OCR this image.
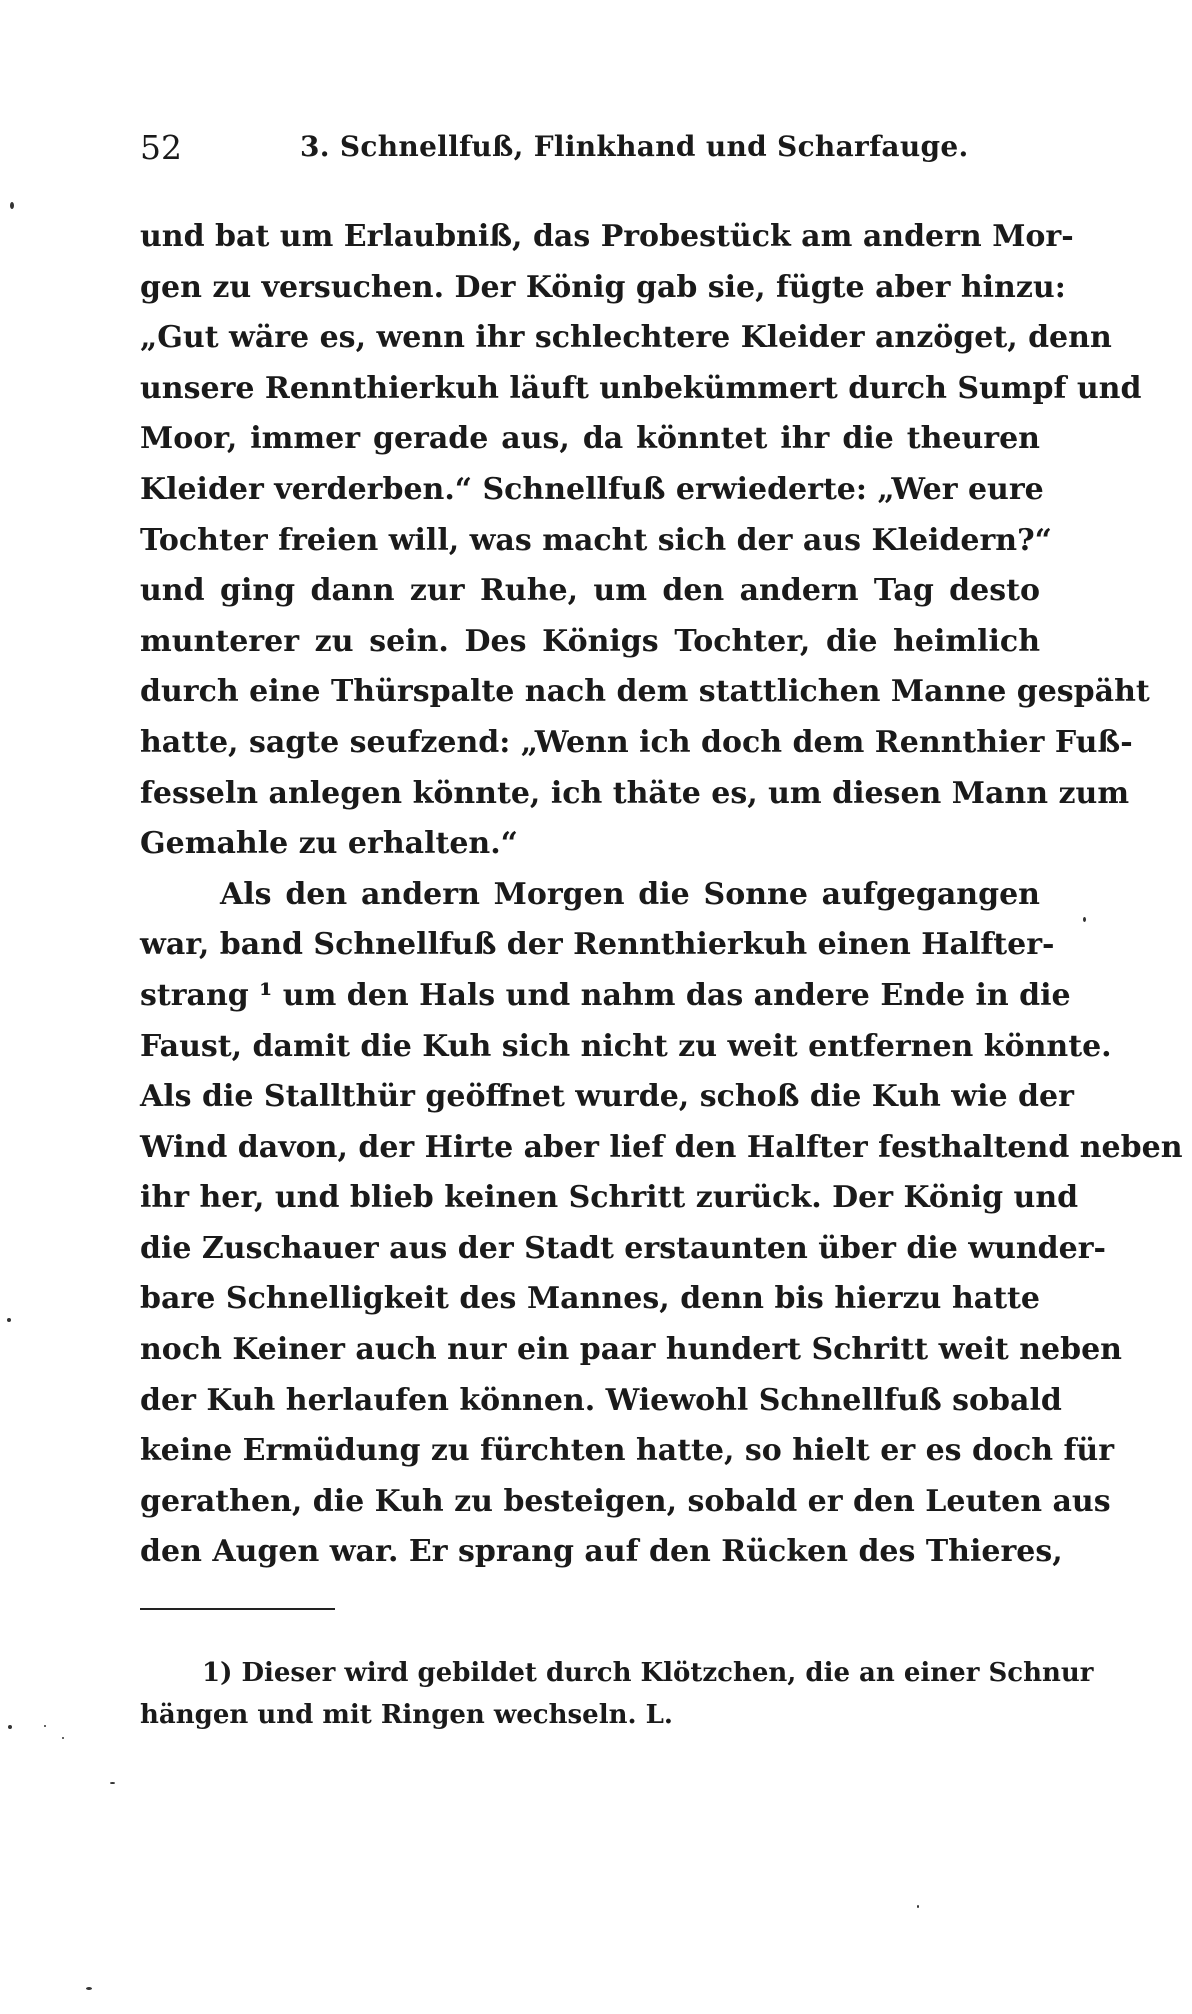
52	3. Schnellfuß, Flinkhand und Scharfauge.
und bat um Erlaubniß, das Probestück am andern Mor-
gen zu versuchen. Der König gab sie, fügte aber hinzu:
„Gut wäre es, wenn ihr schlechtere Kleider anzöget, denn
unsere Rennthierkuh läuft unbekümmert durch Sumpf und
Moor, immer gerade aus, da könntet ihr die theuren
Kleider verderben.“ Schnellfuß erwiederte: „Wer eure
Tochter freien will, was macht sich der aus Kleidern?“
und ging dann zur Ruhe, um den andern Tag desto
munterer zu sein. Des Königs Tochter, die heimlich
durch eine Thürspalte nach dem stattlichen Manne gespäht
hatte, sagte seufzend: „Wenn ich doch dem Rennthier Fuß-
fesseln anlegen könnte, ich thäte es, um diesen Mann zum
Gemahle zu erhalten.“
Als den andern Morgen die Sonne aufgegangen
war, band Schnellfuß der Rennthierkuh einen Halfter-
strang ¹ um den Hals und nahm das andere Ende in die
Faust, damit die Kuh sich nicht zu weit entfernen könnte.
Als die Stallthür geöffnet wurde, schoß die Kuh wie der
Wind davon, der Hirte aber lief den Halfter festhaltend neben
ihr her, und blieb keinen Schritt zurück. Der König und
die Zuschauer aus der Stadt erstaunten über die wunder-
bare Schnelligkeit des Mannes, denn bis hierzu hatte
noch Keiner auch nur ein paar hundert Schritt weit neben
der Kuh herlaufen können. Wiewohl Schnellfuß sobald
keine Ermüdung zu fürchten hatte, so hielt er es doch für
gerathen, die Kuh zu besteigen, sobald er den Leuten aus
den Augen war. Er sprang auf den Rücken des Thieres,
1) Dieser wird gebildet durch Klötzchen, die an einer Schnur
hängen und mit Ringen wechseln. L.
